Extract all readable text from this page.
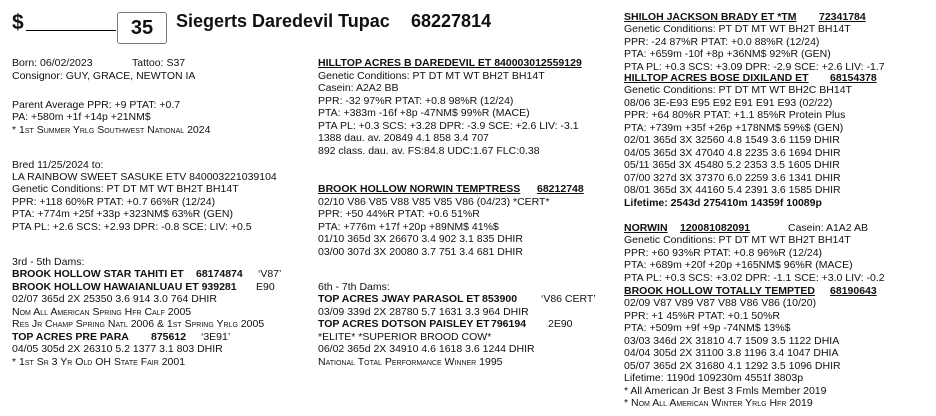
$	35	Siegerts Daredevil Tupac 68227814
Born: 06/02/2023	Tattoo: S37
Consignor: GUY, GRACE, NEWTON IA
Parent Average PPR: +9 PTAT: +0.7
PA: +580m +1f +14p +21NM$
* 1st Summer Yrlg Southwest National 2024
Bred 11/25/2024 to:
LA RAINBOW SWEET SASUKE ETV 840003221039104
Genetic Conditions: PT DT MT WT BH2T BH14T
PPR: +118 60%R PTAT: +0.7 66%R (12/24)
PTA: +774m +25f +33p +323NM$ 63%R (GEN)
PTA PL: +2.6 SCS: +2.93 DPR: -0.8 SCE: LIV: +0.5
3rd - 5th Dams:
BROOK HOLLOW STAR TAHITI ET 68174874 ‘V87’
BROOK HOLLOW HAWAIANLUAU ET 939281 E90
02/07 365d 2X 25350 3.6 914 3.0 764 DHIR
Nom All American Spring Hfr Calf 2005
Res Jr Champ Spring Natl 2006 & 1st Spring Yrlg 2005
TOP ACRES PRE PARA 875612 ‘3E91’
04/05 305d 2X 26310 5.2 1377 3.1 803 DHIR
* 1st Sr 3 Yr Old OH State Fair 2001
HILLTOP ACRES B DAREDEVIL ET 840003012559129
Genetic Conditions: PT DT MT WT BH2T BH14T
Casein: A2A2 BB
PPR: -32 97%R PTAT: +0.8 98%R (12/24)
PTA: +383m -16f +8p -47NM$ 99%R (MACE)
PTA PL: +0.3 SCS: +3.28 DPR: -3.9 SCE: +2.6 LIV: -3.1
1388 dau. av. 20849 4.1 858 3.4 707
892 class. dau. av. FS:84.8 UDC:1.67 FLC:0.38
BROOK HOLLOW NORWIN TEMPTRESS 68212748
02/10 V86 V85 V88 V85 V85 V86 (04/23) *CERT*
PPR: +50 44%R PTAT: +0.6 51%R
PTA: +776m +17f +20p +89NM$ 41%$
01/10 365d 3X 26670 3.4 902 3.1 835 DHIR
03/00 307d 3X 20080 3.7 751 3.4 681 DHIR
6th - 7th Dams:
TOP ACRES JWAY PARASOL ET 853900 ‘V86 CERT’
03/09 339d 2X 28780 5.7 1631 3.3 964 DHIR
TOP ACRES DOTSON PAISLEY ET 796194 2E90
*ELITE* *SUPERIOR BROOD COW*
06/02 365d 2X 34910 4.6 1618 3.6 1244 DHIR
National Total Performance Winner 1995
SHILOH JACKSON BRADY ET *TM 72341784
Genetic Conditions: PT DT MT WT BH2T BH14T
PPR: -24 87%R PTAT: +0.0 88%R (12/24)
PTA: +659m -10f +8p +36NM$ 92%R (GEN)
PTA PL: +0.3 SCS: +3.09 DPR: -2.9 SCE: +2.6 LIV: -1.7
HILLTOP ACRES BOSE DIXILAND ET 68154378
Genetic Conditions: PT DT MT WT BH2C BH14T
08/06 3E-E93 E95 E92 E91 E91 E93 (02/22)
PPR: +64 80%R PTAT: +1.1 85%R Protein Plus
PTA: +739m +35f +26p +178NM$ 59%$ (GEN)
02/01 365d 3X 32560 4.8 1549 3.6 1159 DHIR
04/05 365d 3X 47040 4.8 2235 3.6 1694 DHIR
05/11 365d 3X 45480 5.2 2353 3.5 1605 DHIR
07/00 327d 3X 37370 6.0 2259 3.6 1341 DHIR
08/01 365d 3X 44160 5.4 2391 3.6 1585 DHIR
Lifetime: 2543d 275410m 14359f 10089p
NORWIN 120081082091	Casein: A1A2 AB
Genetic Conditions: PT DT MT WT BH2T BH14T
PPR: +60 93%R PTAT: +0.8 96%R (12/24)
PTA: +689m +20f +20p +165NM$ 96%R (MACE)
PTA PL: +0.3 SCS: +3.02 DPR: -1.1 SCE: +3.0 LIV: -0.2
BROOK HOLLOW TOTALLY TEMPTED 68190643
02/09 V87 V89 V87 V88 V86 V86 (10/20)
PPR: +1 45%R PTAT: +0.1 50%R
PTA: +509m +9f +9p -74NM$ 13%$
03/03 346d 2X 31810 4.7 1509 3.5 1122 DHIA
04/04 305d 2X 31100 3.8 1196 3.4 1047 DHIA
05/07 365d 2X 31680 4.1 1292 3.5 1096 DHIR
Lifetime: 1190d 109230m 4551f 3803p
* All American Jr Best 3 Fmls Member 2019
* Nom All American Winter Yrlg Hfr 2019
